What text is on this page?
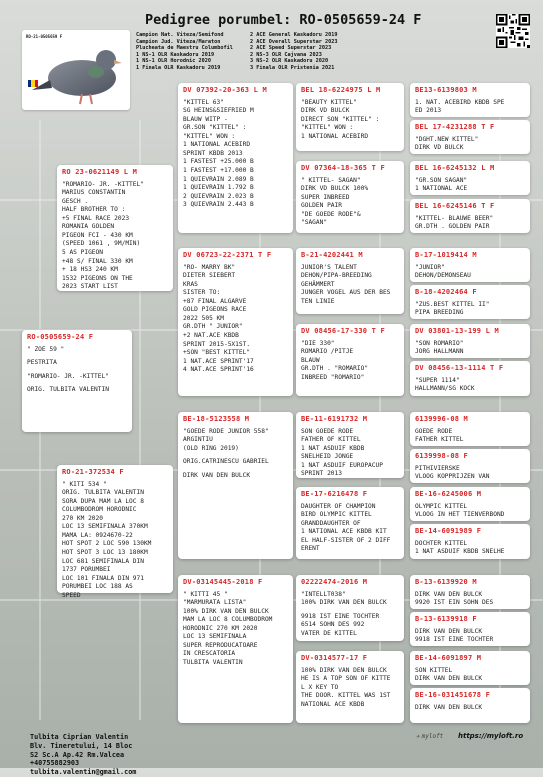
RO-21-0505659 F
Pedigree porumbel: RO-0505659-24 F
Campion Nat. Viteza/Semifond
Campion Jud. Viteza/Maraton
Plucheata de Maestru Columbofil
1 NS-1 OLR Kaskadoru 2019
1 NS-1 OLR Horodnic 2020
1 Finala OLR Kaskadoru 2019
2 ACE General Kaskadoru 2019
2 ACE Overall Superstar 2023
2 ACE Speed Superstar 2023
2 NS-3 OLR Cajvana 2023
3 NS-2 OLR Kaskadoru 2020
3 Finala OLR Pristenia 2021
RO-0505659-24 F
" ZOE 59 "
PESTRITA
"ROMARIO- JR. -KITTEL"
ORIG. TULBITA VALENTIN
RO 23-0621149 L M
"ROMARIO- JR. -KITTEL"
MARIUS CONSTANTIN
GESCH .
HALF BROTHER TO :
+5 FINAL RACE 2023
ROMANIA GOLDEN
PIGEON FCI - 430 KM
(SPEED 1061 , 9M/MIN)
5 AS PIGEON
+48 S/ FINAL 330 KM
+ 18 HS3 240 KM
1532 PIGEONS ON THE
2023 START LIST
RO-21-372534 F
" KITI 534 "
ORIG. TULBITA VALENTIN
SORA DUPA MAM LA LOC 8
COLUMBODROM HORODNIC
270 KM 2020
LOC 13 SEMIFINALA 370KM
MAMA LA: 0924670-22
HOT SPOT 2 LOC 590 130KM
HOT SPOT 3 LOC 13 180KM
LOC 681 SEMIFINALA DIN
1737 PORUMBEI
LOC 101 FINALA DIN 971
PORUMBEI LOC 188 AS
SPEED
DV 07392-20-363 L M
"KITTEL 63"
SG HEINS&SIEFRIED M
BLAUW WITP -
GR.SON "KITTEL" :
"KITTEL" WON :
1 NATIONAL ACEBIRD
SPRINT KBDB 2013
1 FASTEST +25.000 B
1 FASTEST +17.000 B
1 QUIEVRAIN 2.089 B
1 QUIEVRAIN 1.792 B
2 QUIEVRAIN 2.023 B
3 QUIEVRAIN 2.443 B
DV 06723-22-2371 T F
"RO- MARRY BK"
DIETER SIEBERT
KRAS
SISTER TO:
+87 FINAL ALGARVE
GOLD PIGEONS RACE
2022 505 KM
GR.DTH " JUNIOR"
+2 NAT.ACE KBDB
SPRINT 2015-5X1ST.
+SON "BEST KITTEL"
1 NAT.ACE SPRINT'17
4 NAT.ACE SPRINT'16
BE-18-5123558 M
"GOEDE RODE JUNIOR 558"
ARGINTIU
(OLD RING 2019)
ORIG.CATRINESCU GABRIEL
DIRK VAN DEN BULCK
DV-03145445-2018 F
" KITTI 45 "
"MARMURATA LISTA"
100% DIRK VAN DEN BULCK
MAM LA LOC 8 COLUMBODROM
HORODNIC 270 KM 2020
LOC 13 SEMIFINALA
SUPER REPRODUCATOARE
IN CRESCATORIA
TULBITA VALENTIN
BEL 18-6224975 L M
"BEAUTY KITTEL"
DIRK VD BULCK
DIRECT SON "KITTEL" :
"KITTEL" WON :
1 NATIONAL ACEBIRD
DV 07364-18-365 T F
" KITTEL- SAGAN"
DIRK VD BULCK 100%
SUPER INBREED
GOLDEN PAIR
"DE GOEDE RODE"&
"SAGAN"
B-21-4202441 M
JUNIOR'S TALENT
DEHON/PIPA-BREEDING
GEHÄMMERT
JUNGER VOGEL AUS DER BES
TEN LINIE
DV 08456-17-330 T F
"DIE 330"
ROMARIO /PITJE
BLAUW
GR.DTH . "ROMARIO"
INBREED "ROMARIO"
BE-11-6191732 M
SON GOEDE RODE
FATHER OF KITTEL
1 NAT ASDUIF KBDB
SNELHEID JONGE
1 NAT ASDUIF EUROPACUP
SPRINT 2013
BE-17-6216478 F
DAUGHTER OF CHAMPION
BIRD OLYMPIC KITTEL
GRANDDAUGHTER OF
1 NATIONAL ACE KBDB KIT
EL HALF-SISTER OF 2 DIFF
ERENT
02222474-2016 M
"INTELLT038"
100% DIRK VAN DEN BULCK
9918 IST EINE TOCHTER
6514 SOHN DES 992
VATER DE KITTEL
DV-0314577-17 F
100% DIRK VAN DEN BULCK
HE IS A TOP SON OF KITTE
L X KEY TO
THE DOOR. KITTEL WAS 1ST
NATIONAL ACE KBDB
BE13-6139803 M
1. NAT. ACEBIRD KBDB SPE
ED 2013
BEL 17-4231288 T F
"DGHT.NEW KITTEL"
DIRK VD BULCK
BEL 16-6245132 L M
"GR.SON SAGAN"
1 NATIONAL ACE
BEL 16-6245146 T F
"KITTEL- BLAUWE BEER"
GR.DTH . GOLDEN PAIR
B-17-1019414 M
"JUNIOR"
DEHON/DEMONSEAU
B-18-4202464 F
"ZUS.BEST KITTEL II"
PIPA BREEDING
DV 03801-13-199 L M
"SON ROMARIO"
JORG HALLMANN
DV 08456-13-1114 T F
"SUPER 1114"
HALLMANN/SG KOCK
6139996-08 M
GOEDE RODE
FATHER KITTEL
6139998-08 F
PITHIVIERSKE
VLOOG KOPPRIJZEN VAN
BE-16-6245006 M
OLYMPIC KITTEL
VLOOG IN HET TIENVERBOND
BE-14-6091989 F
DOCHTER KITTEL
1 NAT ASDUIF KBDB SNELHE
B-13-6139920 M
DIRK VAN DEN BULCK
9920 IST EIN SOHN DES
B-13-6139918 F
DIRK VAN DEN BULCK
9918 IST EINE TOCHTER
BE-14-6091897 M
SON KITTEL
DIRK VAN DEN BULCK
BE-16-031451678 F
DIRK VAN DEN BULCK
Tulbita Ciprian Valentin
Blv. Tineretului, 14 Bloc
S2 Sc.A Ap.42 Rm.Valcea
+40755882903
tulbita.valentin@gmail.com
✈ myloft https://myloft.ro
